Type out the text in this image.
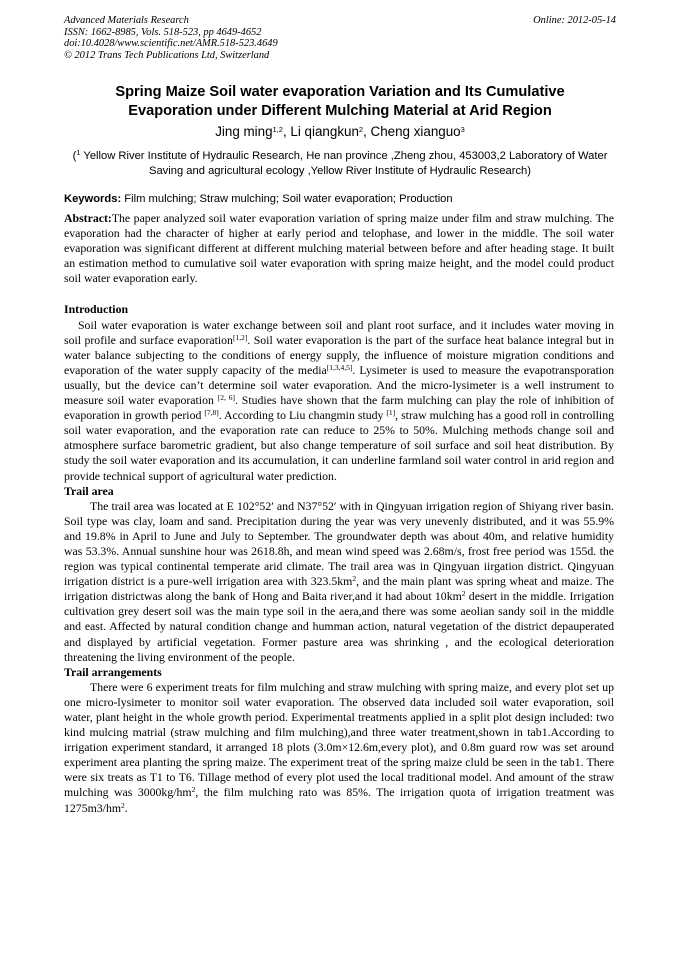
Advanced Materials Research
ISSN: 1662-8985, Vols. 518-523, pp 4649-4652
doi:10.4028/www.scientific.net/AMR.518-523.4649
© 2012 Trans Tech Publications Ltd, Switzerland
Online: 2012-05-14
Spring Maize Soil water evaporation Variation and Its Cumulative
Evaporation under Different Mulching Material at Arid Region
Jing ming$^{1,2}$, Li qiangkun$^2$, Cheng xianguo$^3$
($^1$ Yellow River Institute of Hydraulic Research, He nan province ,Zheng zhou, 453003,2 Laboratory of Water Saving and agricultural ecology ,Yellow River Institute of Hydraulic Research)
Keywords: Film mulching; Straw mulching; Soil water evaporation; Production

Abstract:The paper analyzed soil water evaporation variation of spring maize under film and straw mulching. The evaporation had the character of higher at early period and telophase, and lower in the middle. The soil water evaporation was significant different at different mulching material between before and after heading stage. It built an estimation method to cumulative soil water evaporation with spring maize height, and the model could product soil water evaporation early.

Introduction

Soil water evaporation is water exchange between soil and plant root surface, and it includes water moving in soil profile and surface evaporation[1,2]. Soil water evaporation is the part of the surface heat balance integral but in water balance subjecting to the conditions of energy supply, the influence of moisture migration conditions and evaporation of the water supply capacity of the media[1,3,4,5]. Lysimeter is used to measure the evapotransporation usually, but the device can’t determine soil water evaporation. And the micro-lysimeter is a well instrument to measure soil water evaporation [2, 6]. Studies have shown that the farm mulching can play the role of inhibition of evaporation in growth period [7,8]. According to Liu changmin study [1], straw mulching has a good roll in controlling soil water evaporation, and the evaporation rate can reduce to 25% to 50%. Mulching methods change soil and atmosphere surface barometric gradient, but also change temperature of soil surface and soil heat distribution. By study the soil water evaporation and its accumulation, it can underline farmland soil water control in arid region and provide technical support of agricultural water prediction.

Trail area

The trail area was located at E 102°52′ and N37°52′ with in Qingyuan irrigation region of Shiyang river basin. Soil type was clay, loam and sand. Precipitation during the year was very unevenly distributed, and it was 55.9% and 19.8% in April to June and July to September. The groundwater depth was about 40m, and relative humidity was 53.3%. Annual sunshine hour was 2618.8h, and mean wind speed was 2.68m/s, frost free period was 155d. the region was typical continental temperate arid climate. The trail area was in Qingyuan iirgation district. Qingyuan irrigation district is a pure-well irrigation area with $323.5km^2$, and the main plant was spring wheat and maize. The irrigation districtwas along the bank of Hong and Baita river,and it had about $10km^2$ desert in the middle. Irrigation cultivation grey desert soil was the main type soil in the aera,and there was some aeolian sandy soil in the middle and east. Affected by natural condition change and humman action, natural vegetation of the district depauperated and displayed by artificial vegetation. Former pasture area was shrinking , and the ecological deterioration threatening the living environment of the people.

Trail arrangements

There were 6 experiment treats for film mulching and straw mulching with spring maize, and every plot set up one micro-lysimeter to monitor soil water evaporation. The observed data included soil water evaporation, soil water, plant height in the whole growth period. Experimental treatments applied in a split plot design included: two kind mulcing matrial (straw mulching and film mulching),and three water treatment,shown in tab1.According to irrigation experiment standard, it arranged 18 plots (3.0m×12.6m,every plot), and 0.8m guard row was set around experiment area planting the spring maize. The experiment treat of the spring maize cluld be seen in the tab1. There were six treats as T1 to T6. Tillage method of every plot used the local traditional model. And amount of the straw mulching was $3000kg/hm^2$, the film mulching rato was 85%. The irrigation quota of irrigation treatment was $1275m3/hm^2$.
